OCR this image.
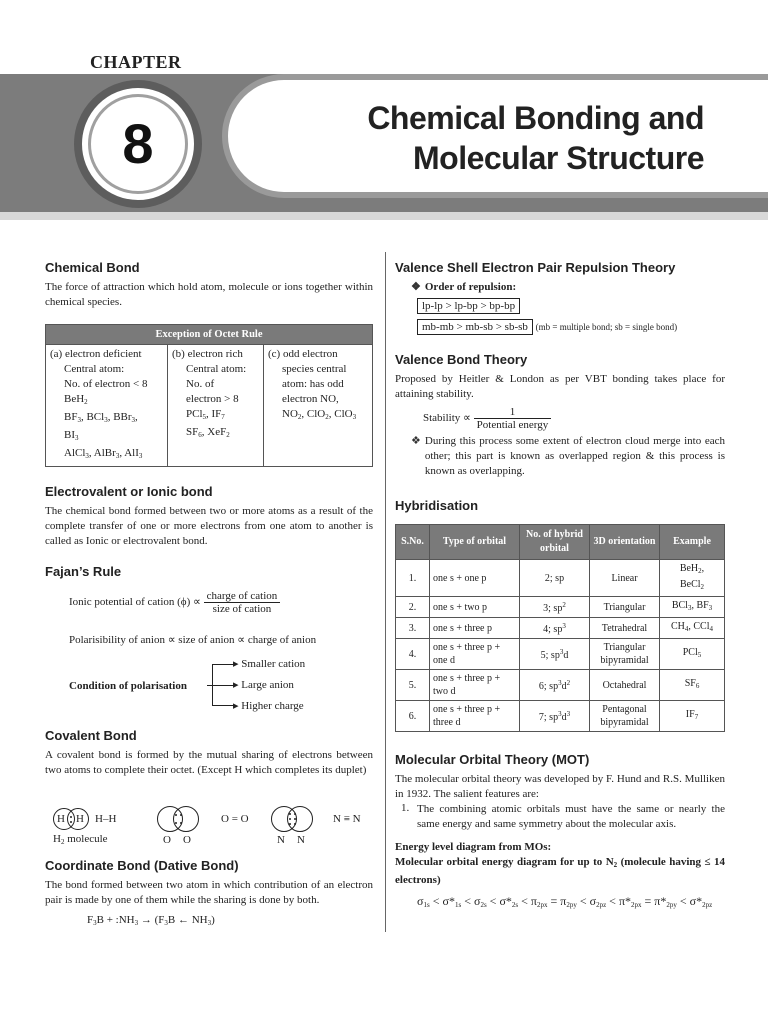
CHAPTER
Chemical Bonding and
Molecular Structure
8
Chemical Bond

The force of attraction which hold atom, molecule or ions together within chemical species.

Exception of Octet Rule

(a) electron deficient
Central atom:
No. of electron < 8
BeH$_2$
$BF_3$, BCl$_3$, BBr$_3$,
$BI_3$
AlCl$_3$, AlBr$_3$, AlI$_3$

(b) electron rich
Central atom:
No. of
electron > 8
PCl$_5$, $IF_7$
$SF_6$, XeF$_2$

(c) odd electron
species central
atom: has odd
electron NO,
$NO_2$, ClO$_2$, ClO$_3$
Electrovalent or Ionic bond

The chemical bond formed between two or more atoms as a result of the complete transfer of one or more electrons from one atom to another is called as Ionic or electrovalent bond.

Fajan’s Rule
Ionic potential of cation $(\phi) \propto \frac{\text{charge of cation}}{\text{size of cation}}$
Polarisibility of anion ∝ size of anion ∝ charge of anion
Condition of polarisation
▸ Smaller cation
▸ Large anion
▸ Higher charge
Covalent Bond

A covalent bond is formed by the mutual sharing of electrons between two atoms to complete their octet. (Except H which completes its duplet)

H H H–H
$H_2$ molecule	O O
O = O
N N
N ≡ N
Coordinate Bond (Dative Bond)

The bond formed between two atom in which contribution of an electron pair is made by one of them while the sharing is done by both.

$F_3B$ + $:NH_3 \to (F_3B$ ← $NH_3$)
Valence Shell Electron Pair Repulsion Theory
❖ Order of repulsion:
lp-lp > lp-bp > bp-bp
mb-mb > mb-sb > sb-sb (mb = multiple bond; sb = single bond)
Valence Bond Theory

Proposed by Heitler & London as per VBT bonding takes place for attaining stability.

Stability ∝ $\frac{1}{\text{Potential energy}}$
❖ During this process some extent of electron cloud merge into each other; this part is known as overlapped region & this process is known as overlapping.

Hybridisation
S.No.	Type of orbital	No. of hybrid orbital	3D orientation	Example
1.	one s + one p	2; sp	Linear	BeH$_2$,
BeCl$_2$
2.	one s + two p	3; $sp^2$	Triangular	BCl$_3$, $BF_3$
3.	one s + three p	4; $sp^3$	Tetrahedral	$CH_4$, CCl$_4$
4.	one s + three p + one d	5; $sp^3d$	Triangular bipyramidal	PCl$_5$
5.	one s + three p + two d	6; $sp^3d^2$	Octahedral	$SF_6$
6.	one s + three p + three d	7; $sp^3d^3$	Pentagonal bipyramidal	$IF_7$
Molecular Orbital Theory (MOT)

The molecular orbital theory was developed by F. Hund and R.S. Mulliken in 1932. The salient features are:

1. The combining atomic orbitals must have the same or nearly the same energy and same symmetry about the molecular axis.

Energy level diagram from MOs:
Molecular orbital energy diagram for up to $N_2$ (molecule having ≤ 14 electrons)
$\sigma_{1s} < \sigma*_{1s} < \sigma_{2s} < \sigma*_{2s} < \pi_{2px} = \pi_{2py} < \sigma_{2pz} < \pi*_{2px} = \pi*_{2py} < \sigma*_{2pz}$
